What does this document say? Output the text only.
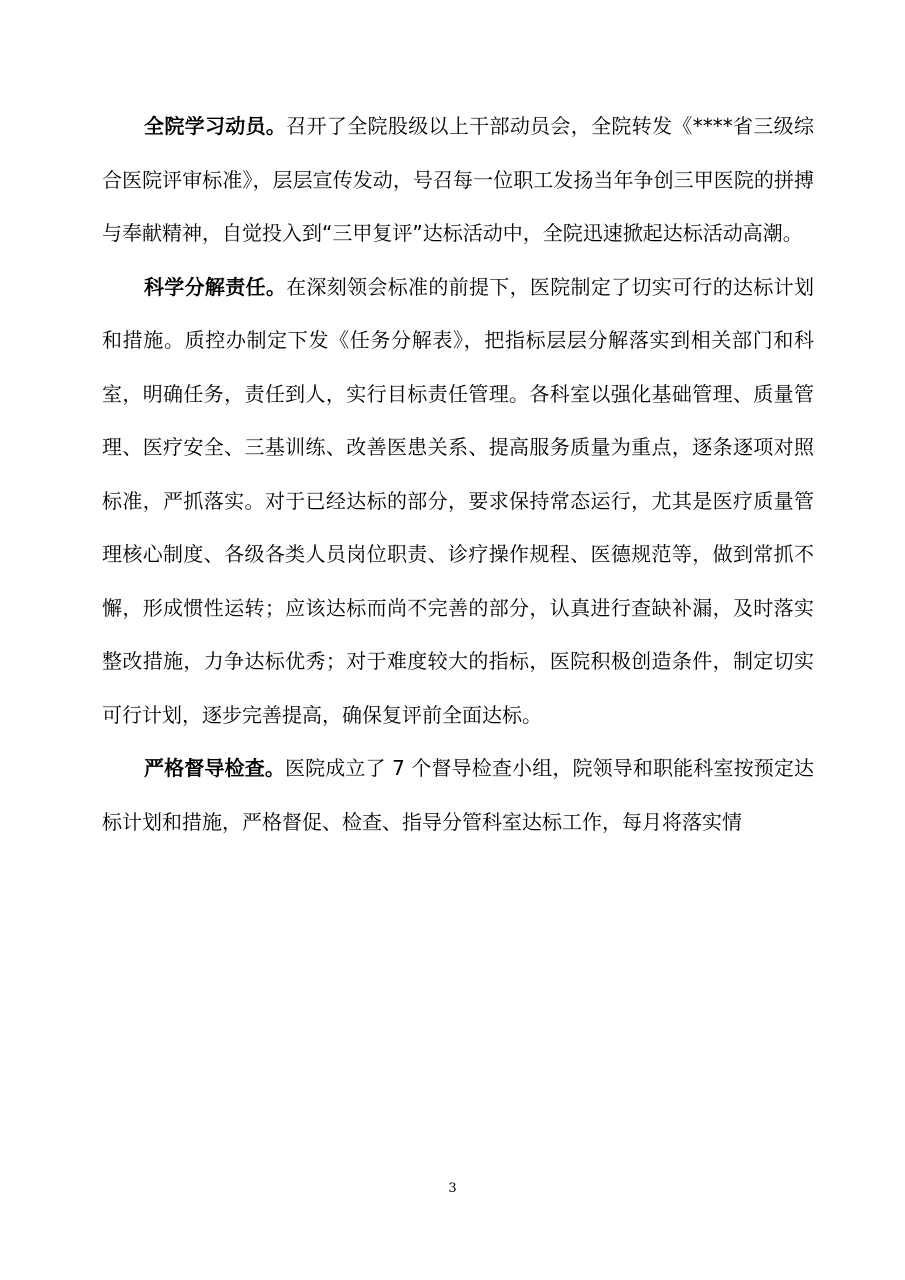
全院学习动员。召开了全院股级以上干部动员会，全院转发《****省三级综合医院评审标准》，层层宣传发动，号召每一位职工发扬当年争创三甲医院的拼搏与奉献精神，自觉投入到“三甲复评”达标活动中，全院迅速掀起达标活动高潮。

科学分解责任。在深刻领会标准的前提下，医院制定了切实可行的达标计划和措施。质控办制定下发《任务分解表》，把指标层层分解落实到相关部门和科室，明确任务，责任到人，实行目标责任管理。各科室以强化基础管理、质量管理、医疗安全、三基训练、改善医患关系、提高服务质量为重点，逐条逐项对照标准，严抓落实。对于已经达标的部分，要求保持常态运行，尤其是医疗质量管理核心制度、各级各类人员岗位职责、诊疗操作规程、医德规范等，做到常抓不懈，形成惯性运转；应该达标而尚不完善的部分，认真进行查缺补漏，及时落实整改措施，力争达标优秀；对于难度较大的指标，医院积极创造条件，制定切实可行计划，逐步完善提高，确保复评前全面达标。

严格督导检查。医院成立了 7 个督导检查小组，院领导和职能科室按预定达标计划和措施，严格督促、检查、指导分管科室达标工作，每月将落实情

3
